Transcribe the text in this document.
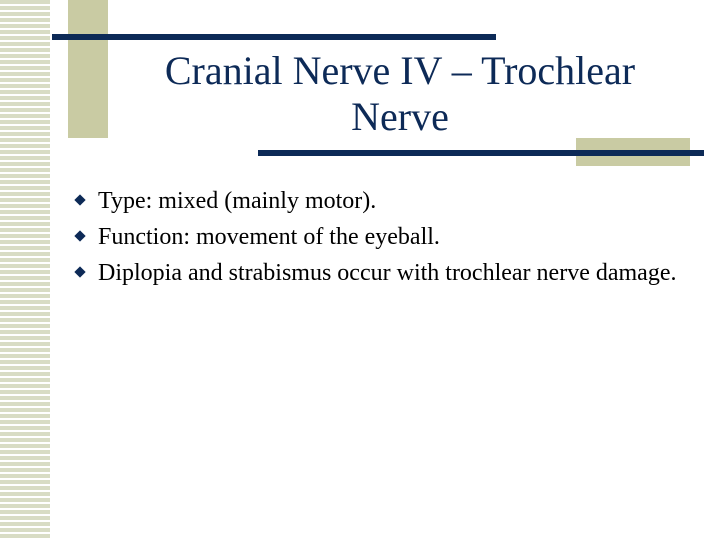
Cranial Nerve IV – Trochlear
Nerve
Type: mixed (mainly motor).
Function: movement of the eyeball.
Diplopia and strabismus occur with trochlear nerve damage.
